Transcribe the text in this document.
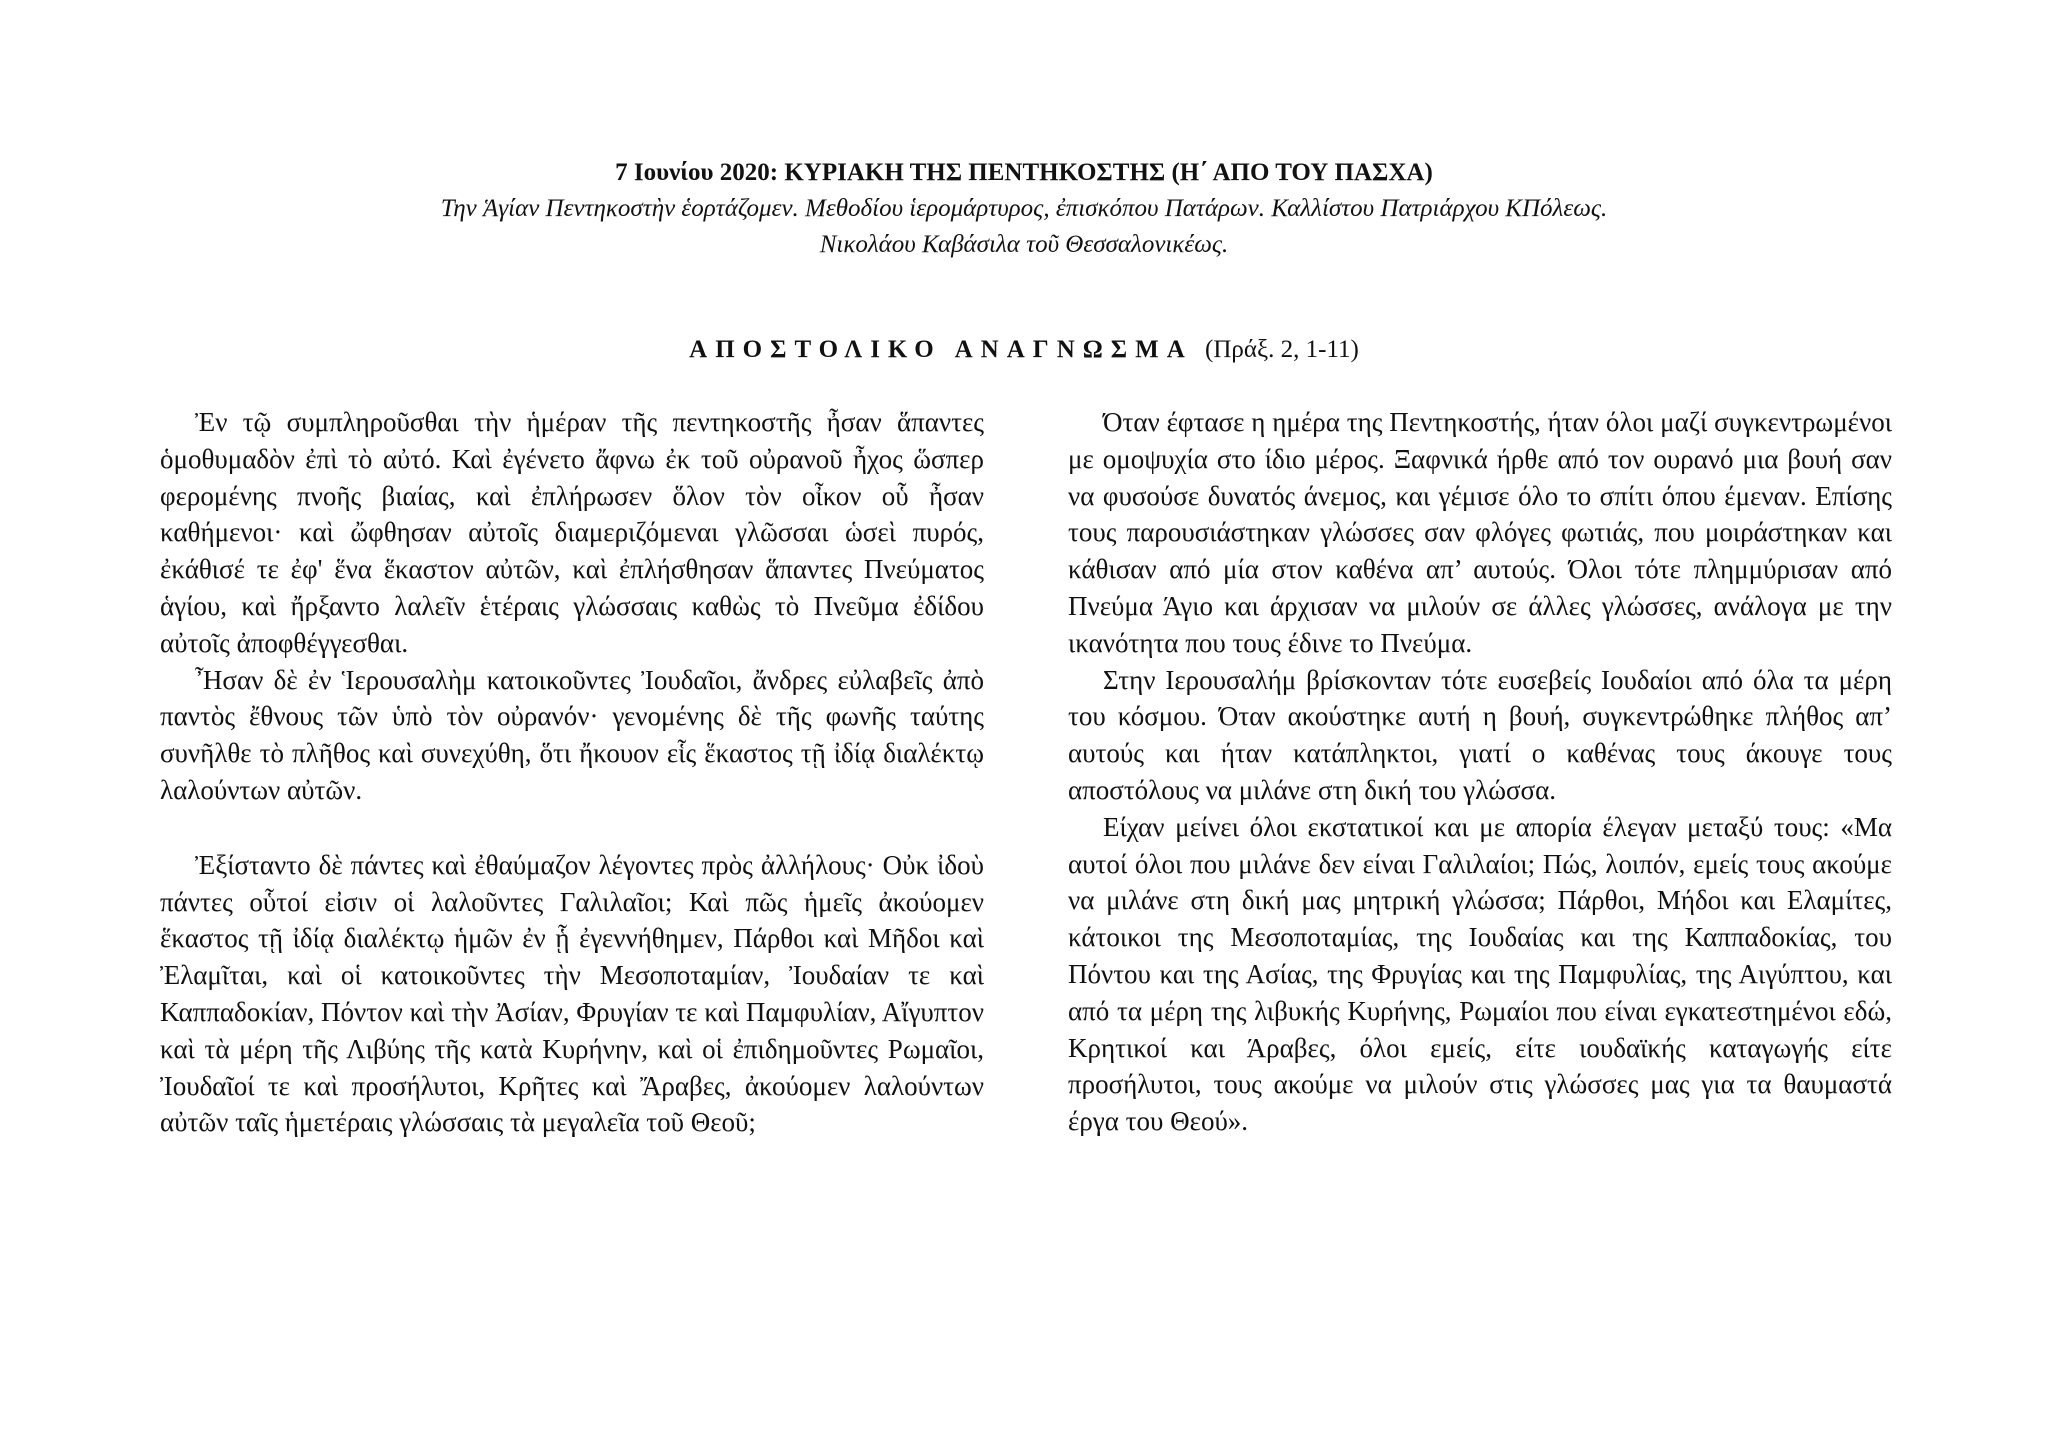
7 Ιουνίου 2020: ΚΥΡΙΑΚΗ ΤΗΣ ΠΕΝΤΗΚΟΣΤΗΣ (Η΄ ΑΠΟ ΤΟΥ ΠΑΣΧΑ)
Την Ἁγίαν Πεντηκοστὴν ἑορτάζομεν. Μεθοδίου ἱερομάρτυρος, ἐπισκόπου Πατάρων. Καλλίστου Πατριάρχου ΚΠόλεως.
Νικολάου Καβάσιλα τοῦ Θεσσαλονικέως.
ΑΠΟΣΤΟΛΙΚΟ ΑΝΑΓΝΩΣΜΑ (Πράξ. 2, 1-11)

Ἐν τῷ συμπληροῦσθαι τὴν ἡμέραν τῆς πεντηκοστῆς ἦσαν ἅπαντες ὁμοθυμαδὸν ἐπὶ τὸ αὐτό. Καὶ ἐγένετο ἄφνω ἐκ τοῦ οὐρανοῦ ἦχος ὥσπερ φερομένης πνοῆς βιαίας, καὶ ἐπλήρωσεν ὅλον τὸν οἶκον οὗ ἦσαν καθήμενοι· καὶ ὤφθησαν αὐτοῖς διαμεριζόμεναι γλῶσσαι ὡσεὶ πυρός, ἐκάθισέ τε ἐφ' ἕνα ἕκαστον αὐτῶν, καὶ ἐπλήσθησαν ἅπαντες Πνεύματος ἁγίου, καὶ ἤρξαντο λαλεῖν ἑτέραις γλώσσαις καθὼς τὸ Πνεῦμα ἐδίδου αὐτοῖς ἀποφθέγγεσθαι.

Ἦσαν δὲ ἐν Ἱερουσαλὴμ κατοικοῦντες Ἰουδαῖοι, ἄνδρες εὐλαβεῖς ἀπὸ παντὸς ἔθνους τῶν ὑπὸ τὸν οὐρανόν· γενομένης δὲ τῆς φωνῆς ταύτης συνῆλθε τὸ πλῆθος καὶ συνεχύθη, ὅτι ἤκουον εἷς ἕκαστος τῇ ἰδίᾳ διαλέκτῳ λαλούντων αὐτῶν.

Ἐξίσταντο δὲ πάντες καὶ ἐθαύμαζον λέγοντες πρὸς ἀλλήλους· Οὐκ ἰδοὺ πάντες οὗτοί εἰσιν οἱ λαλοῦντες Γαλιλαῖοι; Καὶ πῶς ἡμεῖς ἀκούομεν ἕκαστος τῇ ἰδίᾳ διαλέκτῳ ἡμῶν ἐν ᾗ ἐγεννήθημεν, Πάρθοι καὶ Μῆδοι καὶ Ἐλαμῖται, καὶ οἱ κατοικοῦντες τὴν Μεσοποταμίαν, Ἰουδαίαν τε καὶ Καππαδοκίαν, Πόντον καὶ τὴν Ἀσίαν, Φρυγίαν τε καὶ Παμφυλίαν, Αἴγυπτον καὶ τὰ μέρη τῆς Λιβύης τῆς κατὰ Κυρήνην, καὶ οἱ ἐπιδημοῦντες Ρωμαῖοι, Ἰουδαῖοί τε καὶ προσήλυτοι, Κρῆτες καὶ Ἄραβες, ἀκούομεν λαλούντων αὐτῶν ταῖς ἡμετέραις γλώσσαις τὰ μεγαλεῖα τοῦ Θεοῦ;

Όταν έφτασε η ημέρα της Πεντηκοστής, ήταν όλοι μαζί συγκεντρωμένοι με ομοψυχία στο ίδιο μέρος. Ξαφνικά ήρθε από τον ουρανό μια βουή σαν να φυσούσε δυνατός άνεμος, και γέμισε όλο το σπίτι όπου έμεναν. Επίσης τους παρουσιάστηκαν γλώσσες σαν φλόγες φωτιάς, που μοιράστηκαν και κάθισαν από μία στον καθένα απ’ αυτούς. Όλοι τότε πλημμύρισαν από Πνεύμα Άγιο και άρχισαν να μιλούν σε άλλες γλώσσες, ανάλογα με την ικανότητα που τους έδινε το Πνεύμα.

Στην Ιερουσαλήμ βρίσκονταν τότε ευσεβείς Ιουδαίοι από όλα τα μέρη του κόσμου. Όταν ακούστηκε αυτή η βουή, συγκεντρώθηκε πλήθος απ’ αυτούς και ήταν κατάπληκτοι, γιατί ο καθένας τους άκουγε τους αποστόλους να μιλάνε στη δική του γλώσσα.

Είχαν μείνει όλοι εκστατικοί και με απορία έλεγαν μεταξύ τους: «Μα αυτοί όλοι που μιλάνε δεν είναι Γαλιλαίοι; Πώς, λοιπόν, εμείς τους ακούμε να μιλάνε στη δική μας μητρική γλώσσα; Πάρθοι, Μήδοι και Ελαμίτες, κάτοικοι της Μεσοποταμίας, της Ιουδαίας και της Καππαδοκίας, του Πόντου και της Ασίας, της Φρυγίας και της Παμφυλίας, της Αιγύπτου, και από τα μέρη της λιβυκής Κυρήνης, Ρωμαίοι που είναι εγκατεστημένοι εδώ, Κρητικοί και Άραβες, όλοι εμείς, είτε ιουδαϊκής καταγωγής είτε προσήλυτοι, τους ακούμε να μιλούν στις γλώσσες μας για τα θαυμαστά έργα του Θεού».
